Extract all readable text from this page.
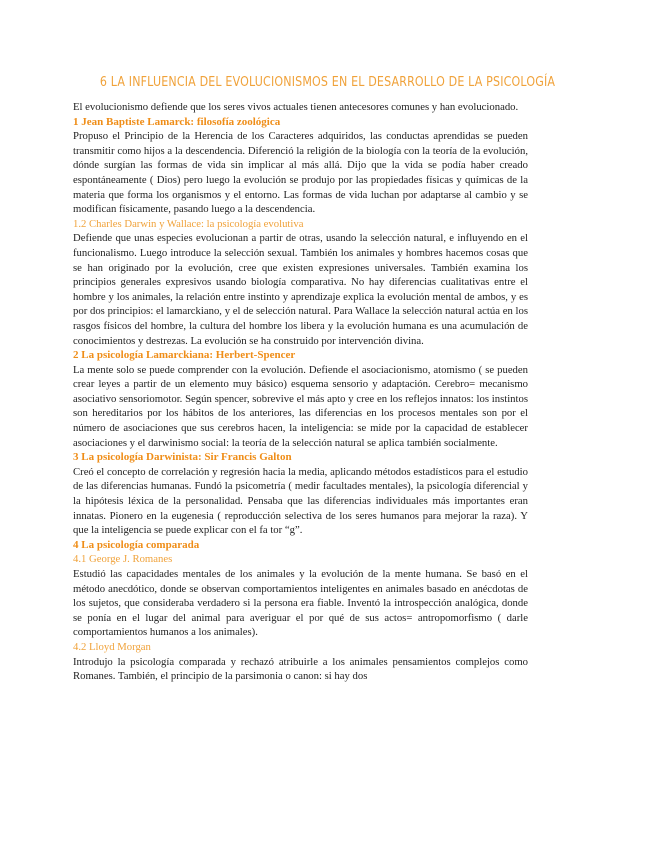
6 LA INFLUENCIA DEL EVOLUCIONISMOS EN EL DESARROLLO DE LA PSICOLOGÍA

El evolucionismo defiende que los seres vivos actuales tienen antecesores comunes y han evolucionado.

1 Jean Baptiste Lamarck: filosofía zoológica

Propuso el Principio de la Herencia de los Caracteres adquiridos, las conductas aprendidas se pueden transmitir como hijos a la descendencia. Diferenció la religión de la biología con la teoría de la evolución, dónde surgían las formas de vida sin implicar al más allá. Dijo que la vida se podía haber creado espontáneamente ( Dios) pero luego la evolución se produjo por las propiedades físicas y químicas de la materia que forma los organismos y el entorno. Las formas de vida luchan por adaptarse al cambio y se modifican físicamente, pasando luego a la descendencia.

1.2 Charles Darwin y Wallace: la psicología evolutiva

Defiende que unas especies evolucionan a partir de otras, usando la selección natural, e influyendo en el funcionalismo. Luego introduce la selección sexual. También los animales y hombres hacemos cosas que se han originado por la evolución, cree que existen expresiones universales. También examina los principios generales expresivos usando biología comparativa. No hay diferencias cualitativas entre el hombre y los animales, la relación entre instinto y aprendizaje explica la evolución mental de ambos, y es por dos principios: el lamarckiano, y el de selección natural. Para Wallace la selección natural actúa en los rasgos físicos del hombre, la cultura del hombre los libera y la evolución humana es una acumulación de conocimientos y destrezas. La evolución se ha construido por intervención divina.

2 La psicología Lamarckiana: Herbert-Spencer

La mente solo se puede comprender con la evolución. Defiende el asociacionismo, atomismo ( se pueden crear leyes a partir de un elemento muy básico) esquema sensorio y adaptación. Cerebro= mecanismo asociativo sensoriomotor. Según spencer, sobrevive el más apto y cree en los reflejos innatos: los instintos son hereditarios por los hábitos de los anteriores, las diferencias en los procesos mentales son por el número de asociaciones que sus cerebros hacen, la inteligencia: se mide por la capacidad de establecer asociaciones y el darwinismo social: la teoría de la selección natural se aplica también socialmente.

3 La psicología Darwinista: Sir Francis Galton

Creó el concepto de correlación y regresión hacia la media, aplicando métodos estadísticos para el estudio de las diferencias humanas. Fundó la psicometría ( medir facultades mentales), la psicología diferencial y la hipótesis léxica de la personalidad. Pensaba que las diferencias individuales más importantes eran innatas. Pionero en la eugenesia ( reproducción selectiva de los seres humanos para mejorar la raza). Y que la inteligencia se puede explicar con el fa tor “g”.

4 La psicología comparada

4.1 George J. Romanes

Estudió las capacidades mentales de los animales y la evolución de la mente humana. Se basó en el método anecdótico, donde se observan comportamientos inteligentes en animales basado en anécdotas de los sujetos, que consideraba verdadero si la persona era fiable. Inventó la introspección analógica, donde se ponía en el lugar del animal para averiguar el por qué de sus actos= antropomorfismo ( darle comportamientos humanos a los animales).

4.2 Lloyd Morgan

Introdujo la psicología comparada y rechazó atribuirle a los animales pensamientos complejos como Romanes. También, el principio de la parsimonia o canon: si hay dos
